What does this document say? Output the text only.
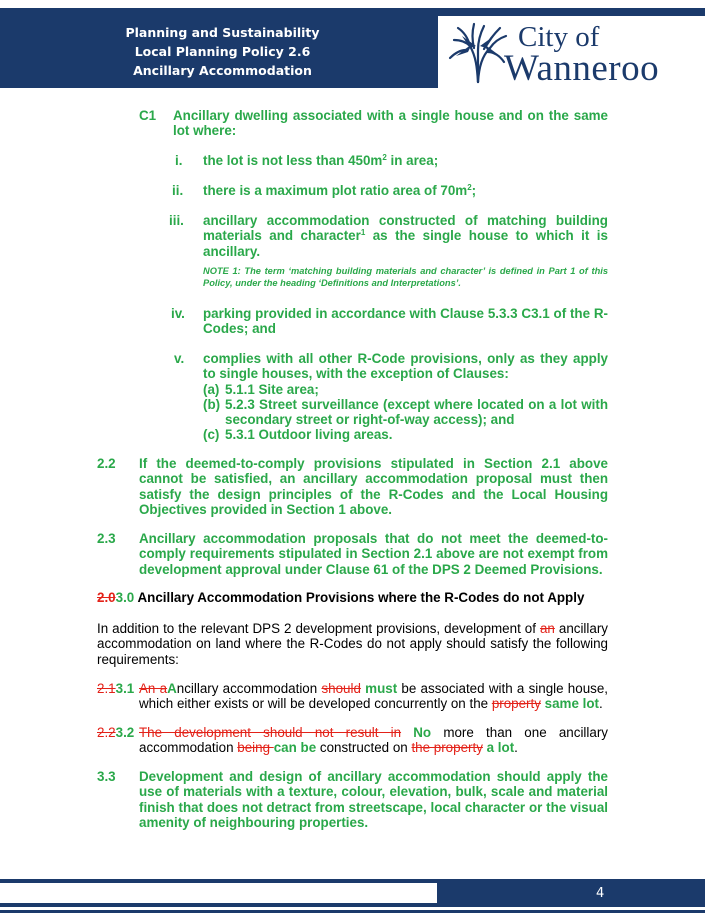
Planning and Sustainability
Local Planning Policy 2.6
Ancillary Accommodation
City of
Wanneroo
C1 Ancillary dwelling associated with a single house and on the same lot where:
i. the lot is not less than $450m^2$ in area;
ii. there is a maximum plot ratio area of $70m^2$;
iii. ancillary accommodation constructed of matching building materials and character$^1$ as the single house to which it is ancillary.
NOTE 1: The term ‘matching building materials and character’ is defined in Part 1 of this Policy, under the heading ‘Definitions and Interpretations’.
iv. parking provided in accordance with Clause 5.3.3 C3.1 of the R-Codes; and
v. complies with all other R-Code provisions, only as they apply to single houses, with the exception of Clauses:
(a) 5.1.1 Site area;
(b) 5.2.3 Street surveillance (except where located on a lot with secondary street or right-of-way access); and
(c) 5.3.1 Outdoor living areas.
2.2 If the deemed-to-comply provisions stipulated in Section 2.1 above cannot be satisfied, an ancillary accommodation proposal must then satisfy the design principles of the R-Codes and the Local Housing Objectives provided in Section 1 above.
2.3 Ancillary accommodation proposals that do not meet the deemed-to-comply requirements stipulated in Section 2.1 above are not exempt from development approval under Clause 61 of the DPS 2 Deemed Provisions.
2.03.0 Ancillary Accommodation Provisions where the R-Codes do not Apply
In addition to the relevant DPS 2 development provisions, development of an ancillary accommodation on land where the R-Codes do not apply should satisfy the following requirements:
2.13.1 An aAncillary accommodation should must be associated with a single house, which either exists or will be developed concurrently on the property same lot.
2.23.2 The development should not result in No more than one ancillary accommodation being can be constructed on the property a lot.
3.3 Development and design of ancillary accommodation should apply the use of materials with a texture, colour, elevation, bulk, scale and material finish that does not detract from streetscape, local character or the visual amenity of neighbouring properties.
4
